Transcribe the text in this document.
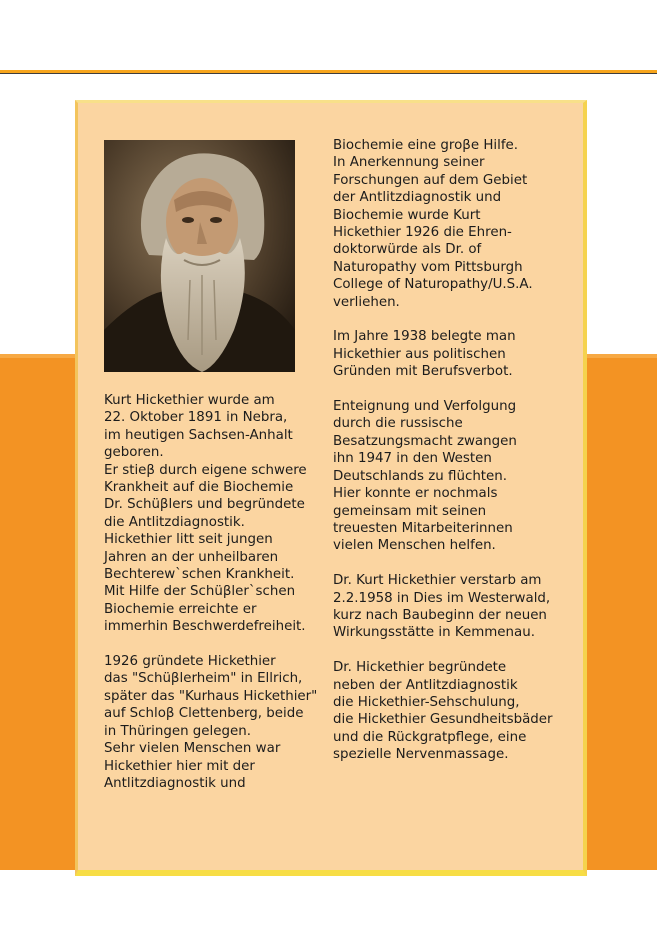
Kurt Hickethier wurde am
22. Oktober 1891 in Nebra,
im heutigen Sachsen-Anhalt
geboren.
Er stieβ durch eigene schwere
Krankheit auf die Biochemie
Dr. Schüβlers und begründete
die Antlitzdiagnostik.
Hickethier litt seit jungen
Jahren an der unheilbaren
Bechterew`schen Krankheit.
Mit Hilfe der Schüβler`schen
Biochemie erreichte er
immerhin Beschwerdefreiheit.

1926 gründete Hickethier
das "Schüβlerheim" in Ellrich,
später das "Kurhaus Hickethier"
auf Schloβ Clettenberg, beide
in Thüringen gelegen.
Sehr vielen Menschen war
Hickethier hier mit der
Antlitzdiagnostik und

Biochemie eine groβe Hilfe.
In Anerkennung seiner
Forschungen auf dem Gebiet
der Antlitzdiagnostik und
Biochemie wurde Kurt
Hickethier 1926 die Ehren-
doktorwürde als Dr. of
Naturopathy vom Pittsburgh
College of Naturopathy/U.S.A.
verliehen.

Im Jahre 1938 belegte man
Hickethier aus politischen
Gründen mit Berufsverbot.

Enteignung und Verfolgung
durch die russische
Besatzungsmacht zwangen
ihn 1947 in den Westen
Deutschlands zu flüchten.
Hier konnte er nochmals
gemeinsam mit seinen
treuesten Mitarbeiterinnen
vielen Menschen helfen.

Dr. Kurt Hickethier verstarb am
2.2.1958 in Dies im Westerwald,
kurz nach Baubeginn der neuen
Wirkungsstätte in Kemmenau.

Dr. Hickethier begründete
neben der Antlitzdiagnostik
die Hickethier-Sehschulung,
die Hickethier Gesundheitsbäder
und die Rückgratpflege, eine
spezielle Nervenmassage.
